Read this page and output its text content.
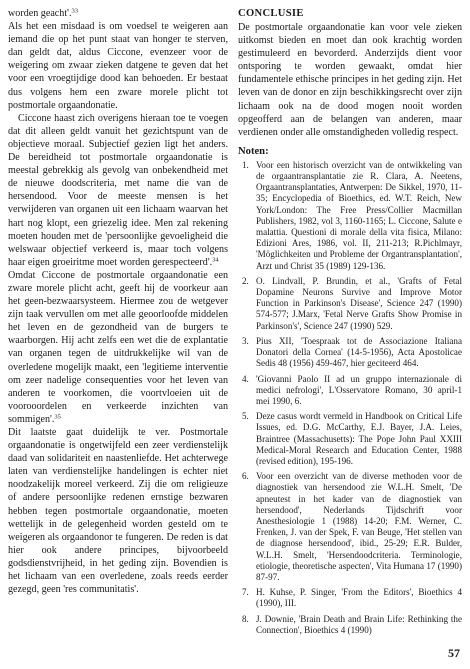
worden geacht'.$^{33}$

Als het een misdaad is om voedsel te weigeren aan iemand die op het punt staat van honger te sterven, dan geldt dat, aldus Ciccone, evenzeer voor de weigering om zwaar zieken datgene te geven dat het voor een vroegtijdige dood kan behoeden. Er bestaat dus volgens hem een zware morele plicht tot postmortale orgaandonatie.

Ciccone haast zich overigens hieraan toe te voegen dat dit alleen geldt vanuit het gezichtspunt van de objectieve moraal. Subjectief gezien ligt het anders. De bereidheid tot postmortale orgaandonatie is meestal gebrekkig als gevolg van onbekendheid met de nieuwe doodscriteria, met name die van de hersendood. Voor de meeste mensen is het verwijderen van organen uit een lichaam waarvan het hart nog klopt, een griezelig idee. Men zal rekening moeten houden met de 'persoonlijke gevoeligheid die welswaar objectief verkeerd is, maar toch volgens haar eigen groeiritme moet worden gerespecteerd'.$^{34}$

Omdat Ciccone de postmortale orgaandonatie een zware morele plicht acht, geeft hij de voorkeur aan het geen-bezwaarsysteem. Hiermee zou de wetgever zijn taak vervullen om met alle geoorloofde middelen het leven en de gezondheid van de burgers te waarborgen. Hij acht zelfs een wet die de explantatie van organen tegen de uitdrukkelijke wil van de overledene mogelijk maakt, een 'legitieme interventie om zeer nadelige consequenties voor het leven van anderen te voorkomen, die voortvloeien uit de voorooordelen en verkeerde inzichten van sommigen'.$^{35}$

Dit laatste gaat duidelijk te ver. Postmortale orgaandonatie is ongetwijfeld een zeer verdienstelijk daad van solidariteit en naastenliefde. Het achterwege laten van verdienstelijke handelingen is echter niet noodzakelijk moreel verkeerd. Zij die om religieuze of andere persoonlijke redenen ernstige bezwaren hebben tegen postmortale orgaandonatie, moeten wettelijk in de gelegenheid worden gesteld om te weigeren als orgaandonor te fungeren. De reden is dat hier ook andere principes, bijvoorbeeld godsdienstvrijheid, in het geding zijn. Bovendien is het lichaam van een overledene, zoals reeds eerder gezegd, geen 'res communitatis'.

CONCLUSIE

De postmortale orgaandonatie kan voor vele zieken uitkomst bieden en moet dan ook krachtig worden gestimuleerd en bevorderd. Anderzijds dient voor ontsporing te worden gewaakt, omdat hier fundamentele ethische principes in het geding zijn. Het leven van de donor en zijn beschikkingsrecht over zijn lichaam ook na de dood mogen nooit worden opgeofferd aan de belangen van anderen, maar verdienen onder alle omstandigheden volledig respect.

Noten:

1. Voor een historisch overzicht van de ontwikkeling van de orgaantransplantatie zie R. Clara, A. Neetens, Orgaantransplantaties, Antwerpen: De Sikkel, 1970, 11-35; Encyclopedia of Bioethics, ed. W.T. Reich, New York/London: The Free Press/Collier Macmillan Publishers, 1982, vol 3, 1160-1165; L. Ciccone, Salute e malattia. Questioni di morale della vita fisica, Milano: Edizioni Ares, 1986, vol. II, 211-213; R.Pichlmayr, 'Möglichkeiten und Probleme der Organtransplantation', Arzt und Christ 35 (1989) 129-136.
2. O. Lindvall, P. Brundin, et al., 'Grafts of Fetal Dopamine Neurons Survive and Improve Motor Function in Parkinson's Disease', Science 247 (1990) 574-577; J.Marx, 'Fetal Nerve Grafts Show Promise in Parkinson's', Science 247 (1990) 529.
3. Pius XII, 'Toespraak tot de Associazione Italiana Donatori della Cornea' (14-5-1956), Acta Apostolicae Sedis 48 (1956) 459-467, hier geciteerd 464.
4. 'Giovanni Paolo II ad un gruppo internazionale di medici nefrologi', L'Osservatore Romano, 30 april-1 mei 1990, 6.
5. Deze casus wordt vermeld in Handbook on Critical Life Issues, ed. D.G. McCarthy, E.J. Bayer, J.A. Leies, Braintree (Massachusetts): The Pope John Paul XXIII Medical-Moral Research and Education Center, 1988 (revised edition), 195-196.
6. Voor een overzicht van de diverse methoden voor de diagnostiek van hersendood zie W.L.H. Smelt, 'De apneutest in het kader van de diagnostiek van hersendood', Nederlands Tijdschrift voor Anesthesiologie 1 (1988) 14-20; F.M. Werner, C. Frenken, J. van der Spek, F. van Beuge, 'Het stellen van de diagnose hersendood', ibid., 25-29; E.R. Bulder, W.L.H. Smelt, 'Hersendoodcriteria. Terminologie, etiologie, theoretische aspecten', Vita Humana 17 (1990) 87-97.
7. H. Kuhse, P. Singer, 'From the Editors', Bioethics 4 (1990), III.
8. J. Downie, 'Brain Death and Brain Life: Rethinking the Connection', Bioethics 4 (1990)
57
